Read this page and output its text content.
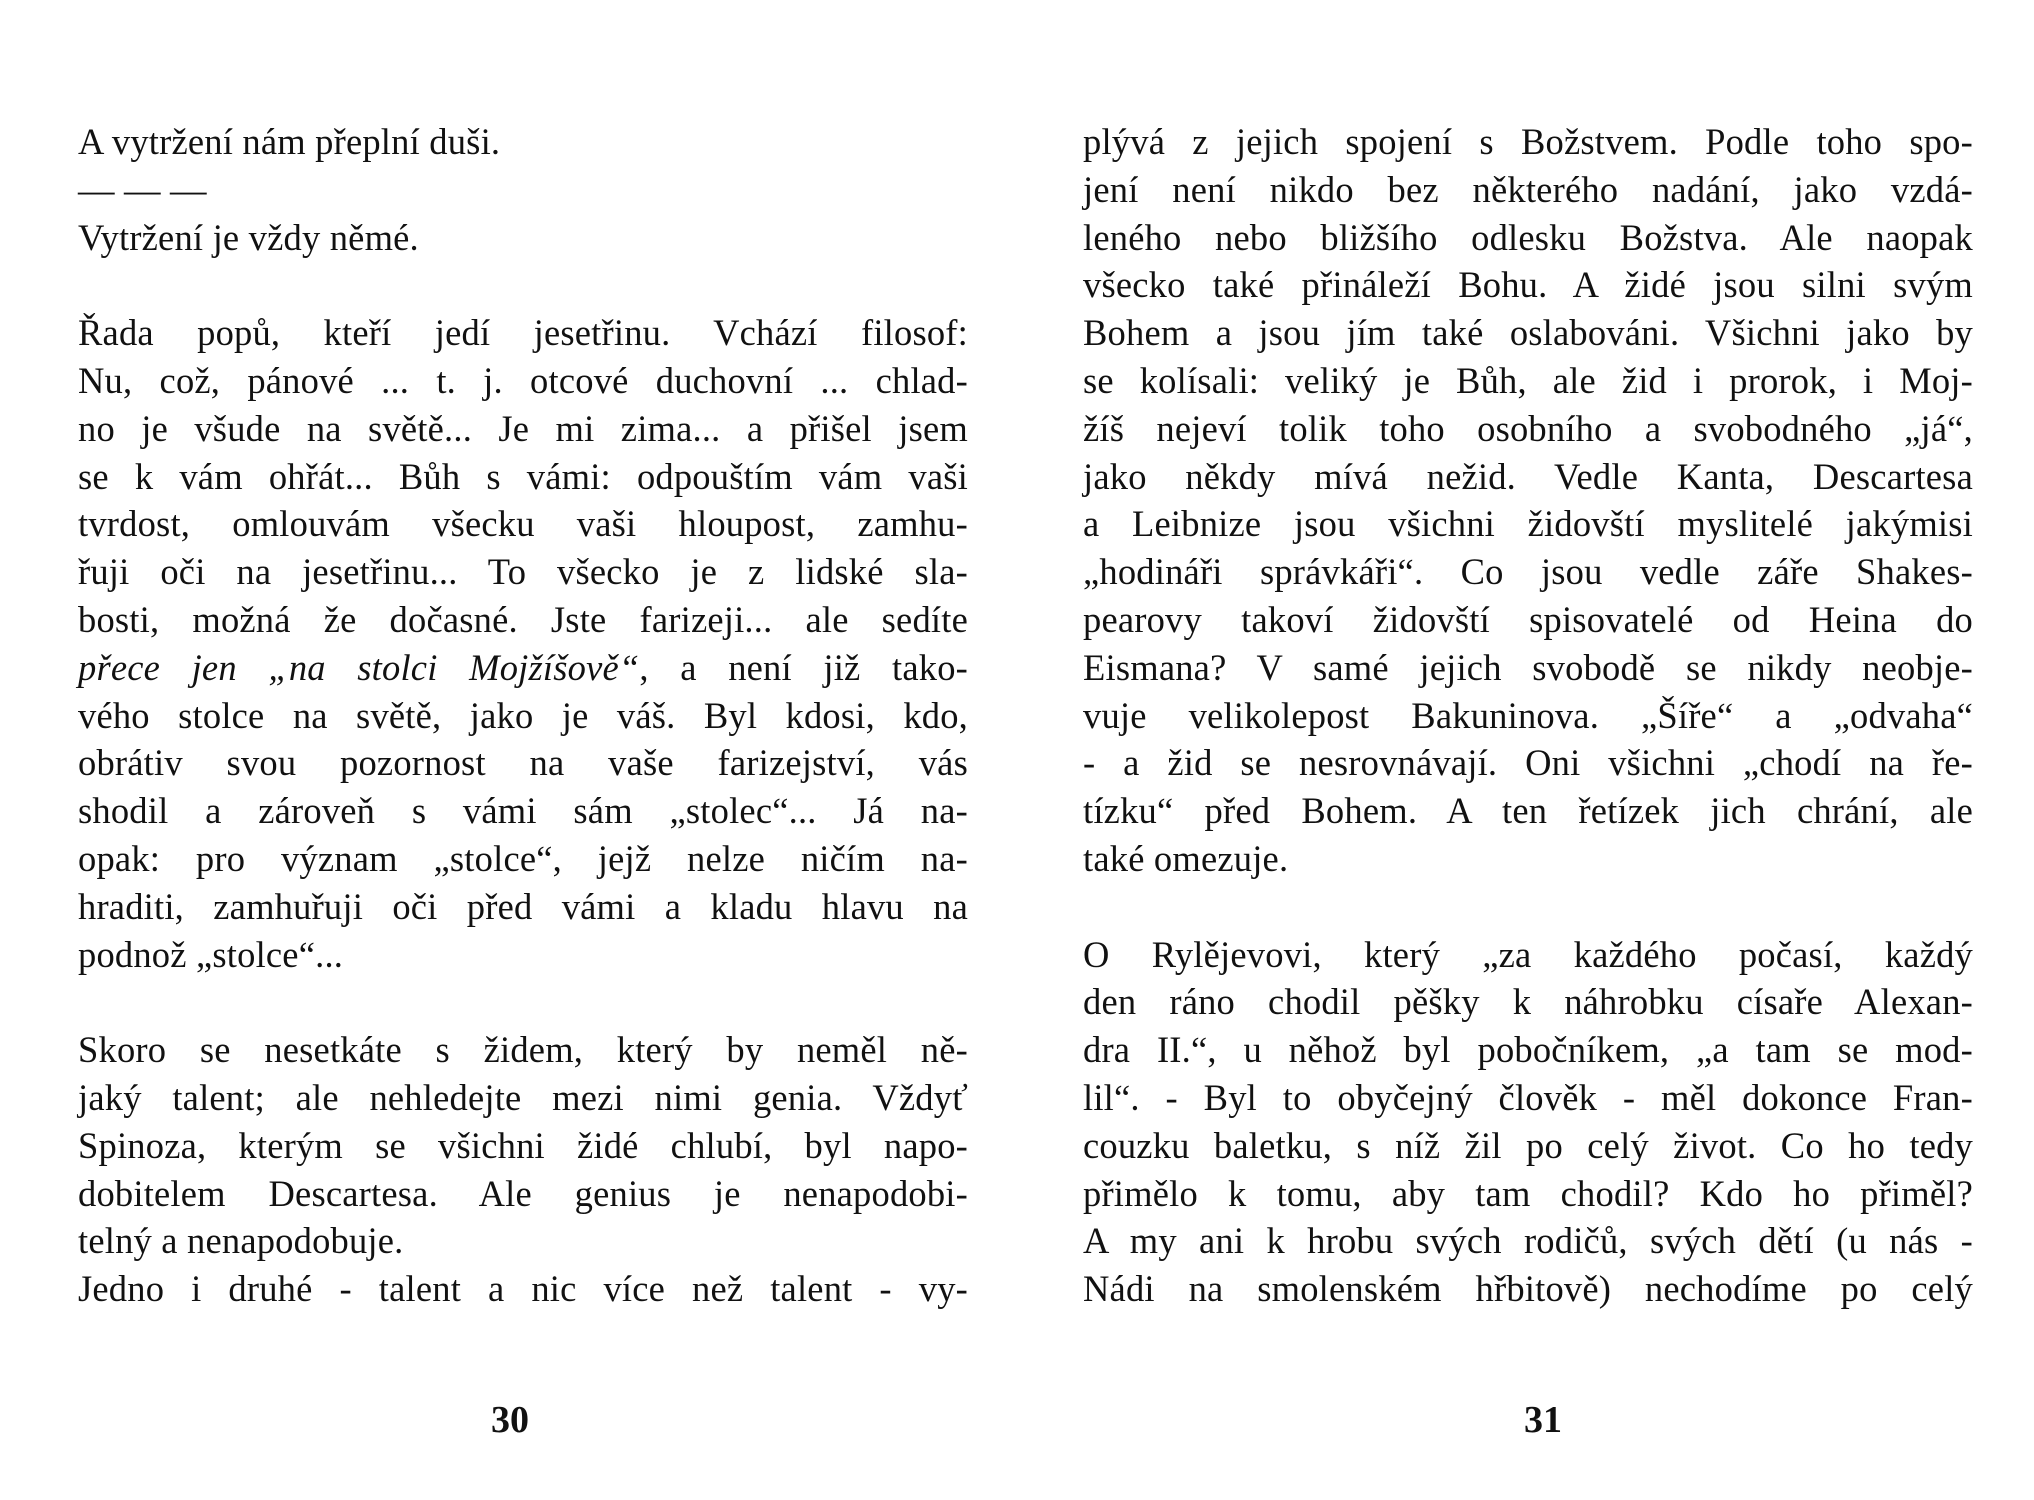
A vytržení nám přeplní duši.
— — —
Vytržení je vždy němé.
Řada popů, kteří jedí jesetřinu. Vchází filosof:
Nu, což, pánové ... t. j. otcové duchovní ... chlad-
no je všude na světě... Je mi zima... a přišel jsem
se k vám ohřát... Bůh s vámi: odpouštím vám vaši
tvrdost, omlouvám všecku vaši hloupost, zamhu-
řuji oči na jesetřinu... To všecko je z lidské sla-
bosti, možná že dočasné. Jste farizeji... ale sedíte
přece jen „na stolci Mojžíšově“, a není již tako-
vého stolce na světě, jako je váš. Byl kdosi, kdo,
obrátiv svou pozornost na vaše farizejství, vás
shodil a zároveň s vámi sám „stolec“... Já na-
opak: pro význam „stolce“, jejž nelze ničím na-
hraditi, zamhuřuji oči před vámi a kladu hlavu na
podnož „stolce“...
Skoro se nesetkáte s židem, který by neměl ně-
jaký talent; ale nehledejte mezi nimi genia. Vždyť
Spinoza, kterým se všichni židé chlubí, byl napo-
dobitelem Descartesa. Ale genius je nenapodobi-
telný a nenapodobuje.
Jedno i druhé - talent a nic více než talent - vy-
30
plývá z jejich spojení s Božstvem. Podle toho spo-
jení není nikdo bez některého nadání, jako vzdá-
leného nebo bližšího odlesku Božstva. Ale naopak
všecko také přináleží Bohu. A židé jsou silni svým
Bohem a jsou jím také oslabováni. Všichni jako by
se kolísali: veliký je Bůh, ale žid i prorok, i Moj-
žíš nejeví tolik toho osobního a svobodného „já“,
jako někdy mívá nežid. Vedle Kanta, Descartesa
a Leibnize jsou všichni židovští myslitelé jakýmisi
„hodináři správkáři“. Co jsou vedle záře Shakes-
pearovy takoví židovští spisovatelé od Heina do
Eismana? V samé jejich svobodě se nikdy neobje-
vuje velikolepost Bakuninova. „Šíře“ a „odvaha“
- a žid se nesrovnávají. Oni všichni „chodí na ře-
tízku“ před Bohem. A ten řetízek jich chrání, ale
také omezuje.
O Rylějevovi, který „za každého počasí, každý
den ráno chodil pěšky k náhrobku císaře Alexan-
dra II.“, u něhož byl pobočníkem, „a tam se mod-
lil“. - Byl to obyčejný člověk - měl dokonce Fran-
couzku baletku, s níž žil po celý život. Co ho tedy
přimělo k tomu, aby tam chodil? Kdo ho přiměl?
A my ani k hrobu svých rodičů, svých dětí (u nás -
Nádi na smolenském hřbitově) nechodíme po celý
31
